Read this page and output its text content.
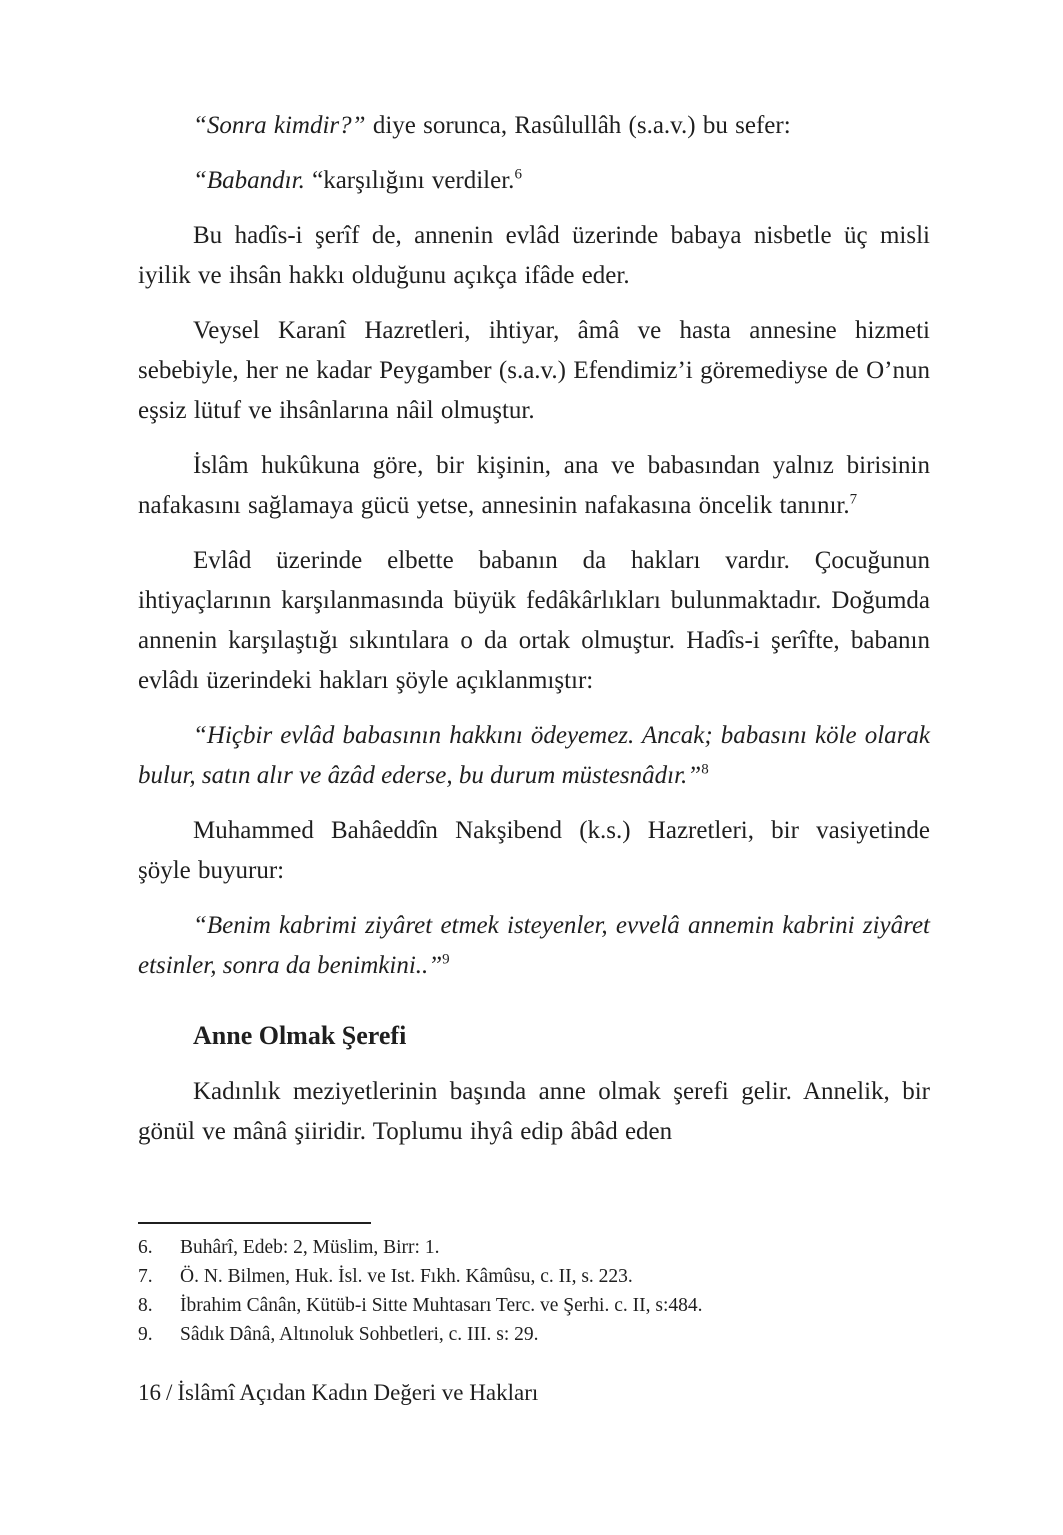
“Sonra kimdir?” diye sorunca, Rasûlullâh (s.a.v.) bu sefer:

“Babandır. “karşılığını verdiler.$^6$

Bu hadîs-i şerîf de, annenin evlâd üzerinde babaya nisbetle üç misli iyilik ve ihsân hakkı olduğunu açıkça ifâde eder.

Veysel Karanî Hazretleri, ihtiyar, âmâ ve hasta annesine hizmeti sebebiyle, her ne kadar Peygamber (s.a.v.) Efendimiz’i göremediyse de O’nun eşsiz lütuf ve ihsânlarına nâil olmuştur.

İslâm hukûkuna göre, bir kişinin, ana ve babasından yalnız birisinin nafakasını sağlamaya gücü yetse, annesinin nafakasına öncelik tanınır.$^7$

Evlâd üzerinde elbette babanın da hakları vardır. Çocuğunun ihtiyaçlarının karşılanmasında büyük fedâkârlıkları bulunmaktadır. Doğumda annenin karşılaştığı sıkıntılara o da ortak olmuştur. Hadîs-i şerîfte, babanın evlâdı üzerindeki hakları şöyle açıklanmıştır:

“Hiçbir evlâd babasının hakkını ödeyemez. Ancak; babasını köle olarak bulur, satın alır ve âzâd ederse, bu durum müstesnâdır.”$^8$

Muhammed Bahâeddîn Nakşibend (k.s.) Hazretleri, bir vasiyetinde şöyle buyurur:

“Benim kabrimi ziyâret etmek isteyenler, evvelâ annemin kabrini ziyâret etsinler, sonra da benimkini..”$^9$

Anne Olmak Şerefi

Kadınlık meziyetlerinin başında anne olmak şerefi gelir. Annelik, bir gönül ve mânâ şiiridir. Toplumu ihyâ edip âbâd eden

6.	Buhârî, Edeb: 2, Müslim, Birr: 1.
7.	Ö. N. Bilmen, Huk. İsl. ve Ist. Fıkh. Kâmûsu, c. II, s. 223.
8.	İbrahim Cânân, Kütüb-i Sitte Muhtasarı Terc. ve Şerhi. c. II, s:484.
9.	Sâdık Dânâ, Altınoluk Sohbetleri, c. III. s: 29.
16 / İslâmî Açıdan Kadın Değeri ve Hakları
